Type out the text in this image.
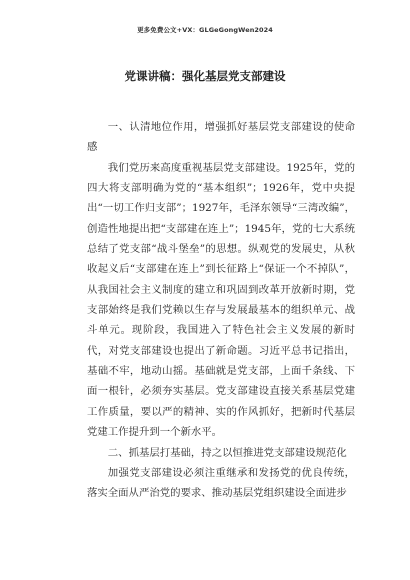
更多免费公文+VX：GLGeGongWen2024
党课讲稿：强化基层党支部建设

一、认清地位作用，增强抓好基层党支部建设的使命感

我们党历来高度重视基层党支部建设。1925年，党的四大将支部明确为党的“基本组织”；1926年，党中央提出“一切工作归支部”；1927年，毛泽东领导“三湾改编”，创造性地提出把“支部建在连上”；1945年，党的七大系统总结了党支部“战斗堡垒”的思想。纵观党的发展史，从秋收起义后“支部建在连上”到长征路上“保证一个不掉队”，从我国社会主义制度的建立和巩固到改革开放新时期，党支部始终是我们党赖以生存与发展最基本的组织单元、战斗单元。现阶段，我国进入了特色社会主义发展的新时代，对党支部建设也提出了新命题。习近平总书记指出，基础不牢，地动山摇。基础就是党支部，上面千条线、下面一根针，必须夯实基层。党支部建设直接关系基层党建工作质量，要以严的精神、实的作风抓好，把新时代基层党建工作提升到一个新水平。

二、抓基层打基础，持之以恒推进党支部建设规范化

加强党支部建设必须注重继承和发扬党的优良传统，落实全面从严治党的要求、推动基层党组织建设全面进步
